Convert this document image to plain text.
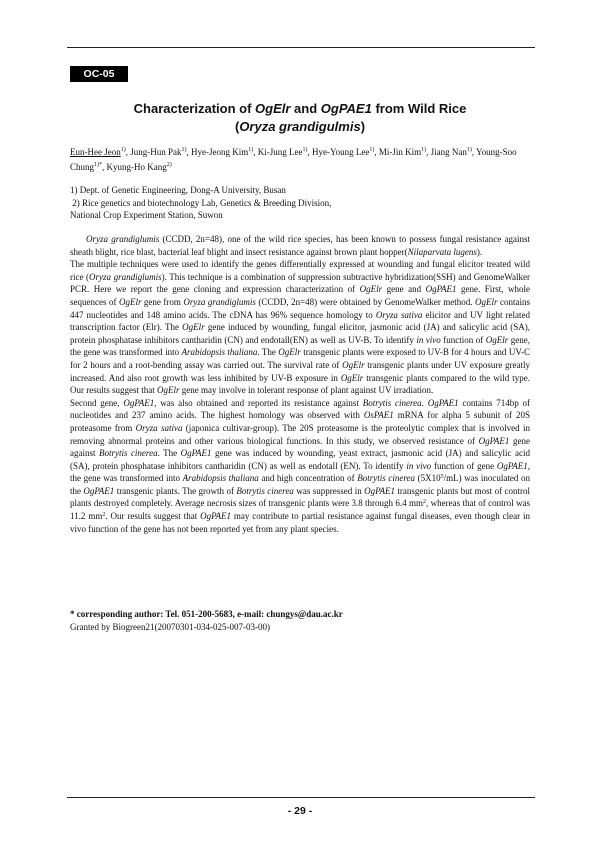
OC-05
Characterization of OgElr and OgPAE1 from Wild Rice
(Oryza grandigulmis)
Eun-Hee Jeon$^{1)}$, Jung-Hun Pak$^{1)}$, Hye-Jeong Kim$^{1)}$, Ki-Jung Lee$^{1)}$, Hye-Young Lee$^{1)}$, Mi-Jin Kim$^{1)}$, Jiang Nan$^{1)}$, Young-Soo Chung$^{1)*}$, Kyung-Ho Kang$^{2)}$
1) Dept. of Genetic Engineering, Dong-A University, Busan
2) Rice genetics and biotechnology Lab, Genetics & Breeding Division,
National Crop Experiment Station, Suwon

Oryza grandiglumis (CCDD, 2n=48), one of the wild rice species, has been known to possess fungal resistance against sheath blight, rice blast, bacterial leaf blight and insect resistance against brown plant hopper(Nilaparvata lugens).

The multiple techniques were used to identify the genes differentially expressed at wounding and fungal elicitor treated wild rice (Oryza grandiglumis). This technique is a combination of suppression subtractive hybridization(SSH) and GenomeWalker PCR. Here we report the gene cloning and expression characterization of OgElr gene and OgPAE1 gene. First, whole sequences of OgElr gene from Oryza grandiglumis (CCDD, 2n=48) were obtained by GenomeWalker method. OgElr contains 447 nucleotides and 148 amino acids. The cDNA has 96% sequence homology to Oryza sativa elicitor and UV light related transcription factor (Elr). The OgElr gene induced by wounding, fungal elicitor, jasmonic acid (JA) and salicylic acid (SA), protein phosphatase inhibitors cantharidin (CN) and endotall(EN) as well as UV-B. To identify in vivo function of OgElr gene, the gene was transformed into Arabidopsis thaliana. The OgElr transgenic plants were exposed to UV-B for 4 hours and UV-C for 2 hours and a root-bending assay was carried out. The survival rate of OgElr transgenic plants under UV exposure greatly increased. And also root growth was less inhibited by UV-B exposure in OgElr transgenic plants compared to the wild type. Our results suggest that OgElr gene may involve in tolerant response of plant against UV irradiation.

Second gene, OgPAE1, was also obtained and reported its resistance against Botrytis cinerea. OgPAE1 contains 714bp of nucleotides and 237 amino acids. The highest homology was observed with OsPAE1 mRNA for alpha 5 subunit of 20S proteasome from Oryza sativa (japonica cultivar-group). The 20S proteasome is the proteolytic complex that is involved in removing abnormal proteins and other various biological functions. In this study, we observed resistance of OgPAE1 gene against Botrytis cinerea. The OgPAE1 gene was induced by wounding, yeast extract, jasmonic acid (JA) and salicylic acid (SA), protein phosphatase inhibitors cantharidin (CN) as well as endotall (EN). To identify in vivo function of gene OgPAE1, the gene was transformed into Arabidopsis thaliana and high concentration of Botrytis cinerea $(5X10^5/mL)$ was inoculated on the OgPAE1 transgenic plants. The growth of Botrytis cinerea was suppressed in OgPAE1 transgenic plants but most of control plants destroyed completely. Average necrosis sizes of transgenic plants were 3.8 through 6.4 $mm^2$, whereas that of control was 11.2 $mm^2$. Our results suggest that OgPAE1 may contribute to partial resistance against fungal diseases, even though clear in vivo function of the gene has not been reported yet from any plant species.

* corresponding author: Tel. 051-200-5683, e-mail: chungys@dau.ac.kr
Granted by Biogreen21(20070301-034-025-007-03-00)
- 29 -
